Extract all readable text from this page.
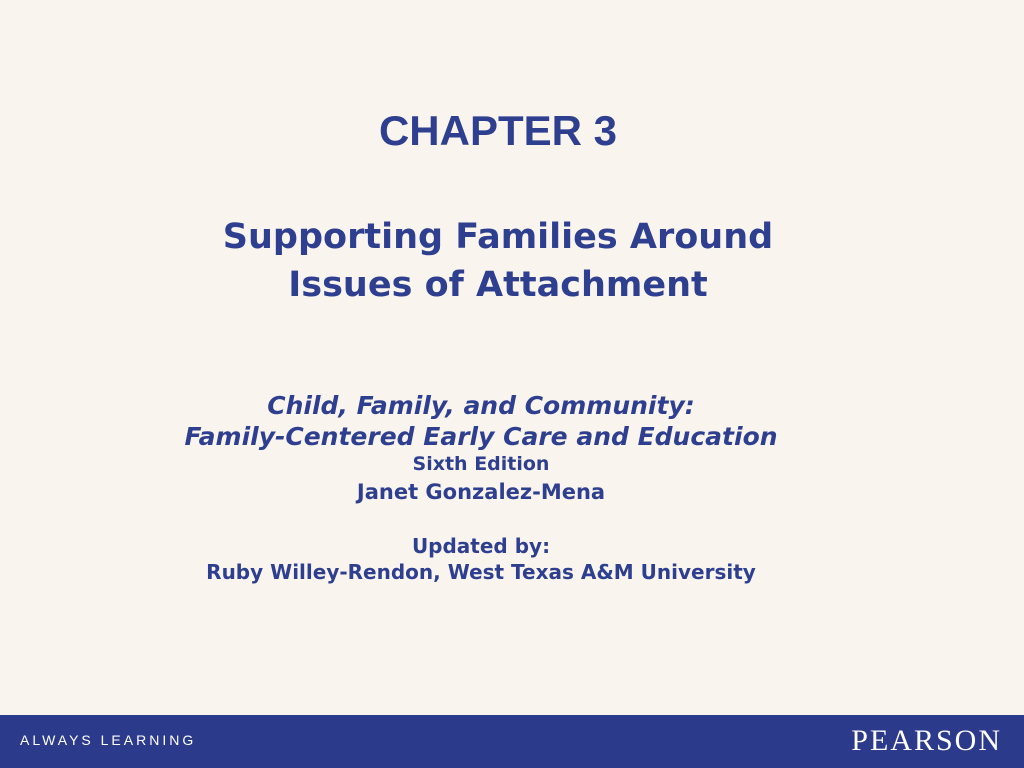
CHAPTER 3
Supporting Families Around
Issues of Attachment
Child, Family, and Community:
Family-Centered Early Care and Education
Sixth Edition
Janet Gonzalez-Mena
Updated by:
Ruby Willey-Rendon, West Texas A&M University
ALWAYS LEARNING	PEARSON
